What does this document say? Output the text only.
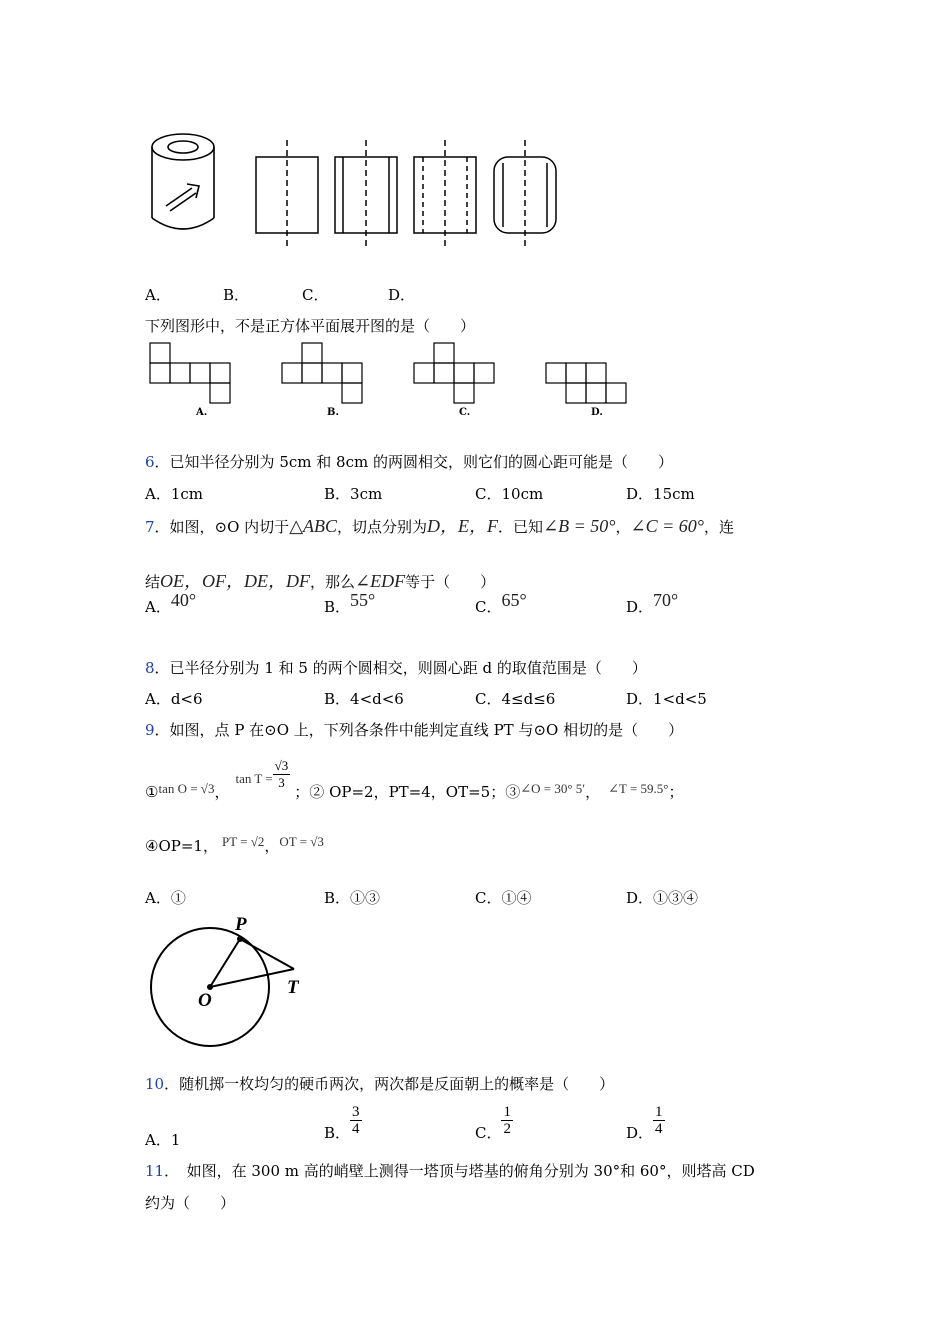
A．	B．	C．	D．
下列图形中，不是正方体平面展开图的是（　　）
A.	B.	C.	D.
6．已知半径分别为 5cm 和 8cm 的两圆相交，则它们的圆心距可能是（　　）
A．1cm	B．3cm	C．10cm	D．15cm
7．如图，⊙O 内切于△ABC，切点分别为D，E，F．已知∠B = 50°，∠C = 60°，连
结OE，OF，DE，DF，那么∠EDF等于（　　）
A．40°	B．55°	C．65°	D．70°
8．已半径分别为 1 和 5 的两个圆相交，则圆心距 d 的取值范围是（　　）
A．d<6	B．4<d<6	C．4≤d≤6	D．1<d<5
9．如图，点 P 在⊙O 上，下列各条件中能判定直线 PT 与⊙O 相切的是（　　）
①tan O = √3，$\tan T = \frac{√3}{3}$
；② OP=2，PT=4，OT=5；③∠O = 30° 5′， ∠T = 59.5°；
④OP=1， PT = √2，OT = √3
A．①	B．①③	C．①④	D．①③④
P
O
T
10．随机掷一枚均匀的硬币两次，两次都是反面朝上的概率是（　　）
A．1	B． $\frac{3}{4}$	C． $\frac{1}{2}$	D． $\frac{1}{4}$
11．　如图，在 300 m 高的峭壁上测得一塔顶与塔基的俯角分别为 30°和 60°，则塔高 CD
约为（　　）
